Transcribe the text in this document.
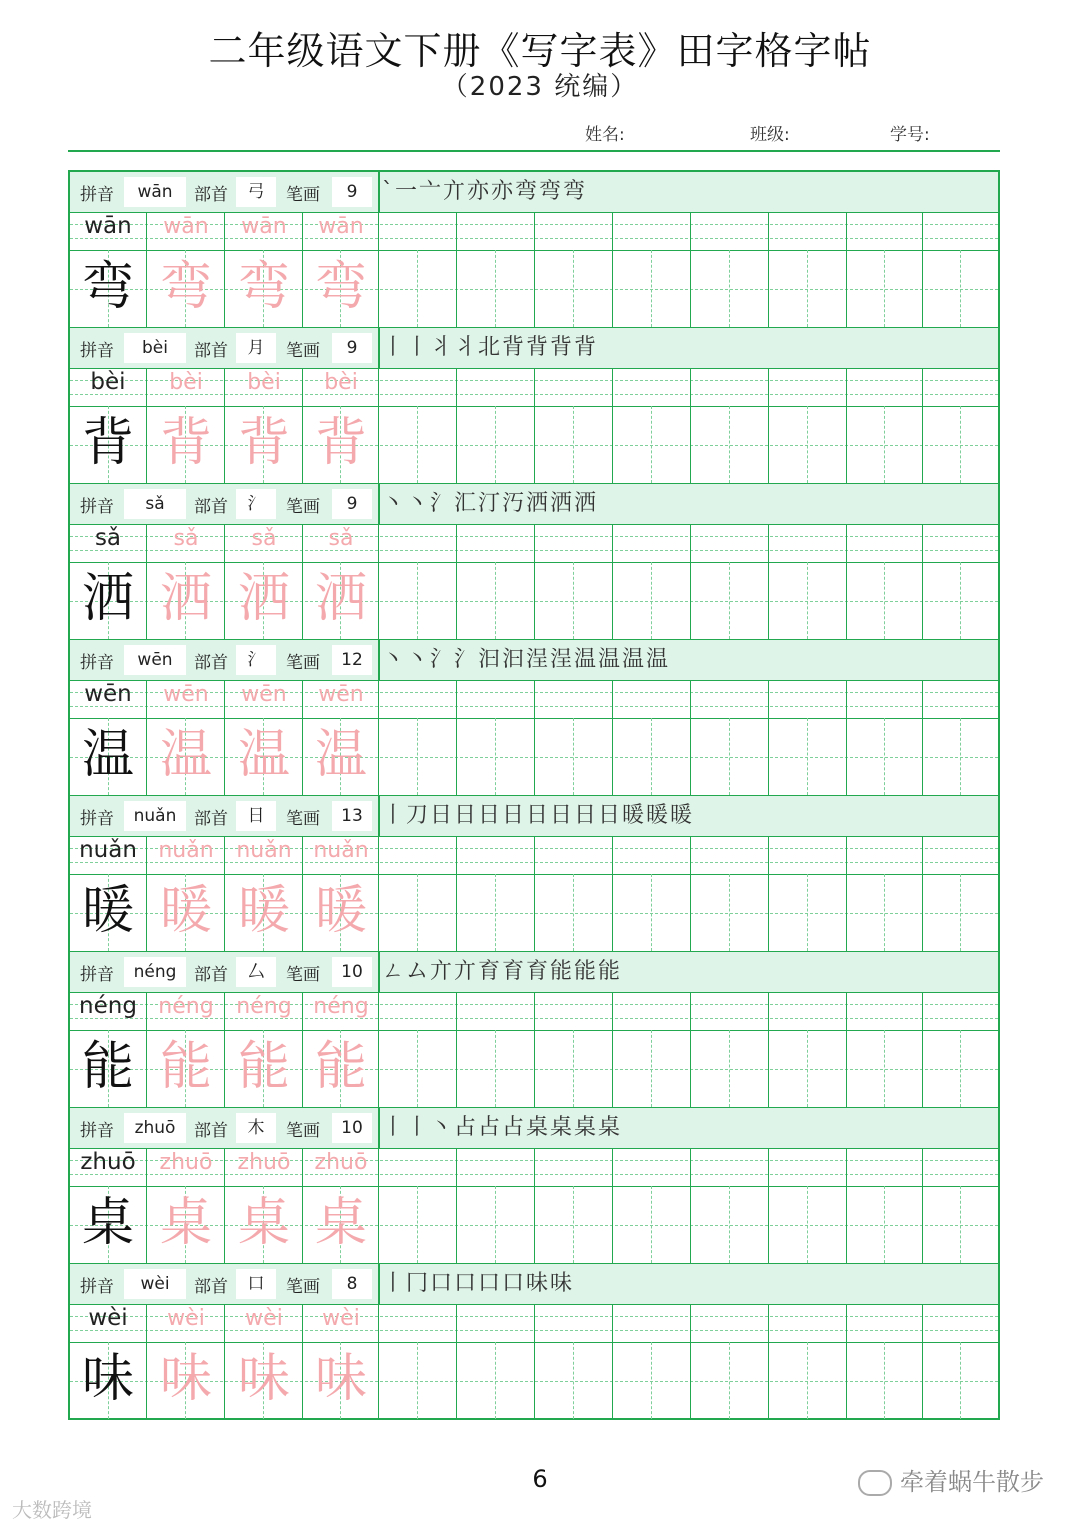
二年级语文下册《写字表》田字格字帖
（2023 统编）
姓名:	班级:	学号:
拼音	wān	部首	弓	笔画	9	`一亠亣亦亦弯弯弯
wān
弯
wān
弯
wān
弯
wān
弯
拼音	bèi	部首	月	笔画	9	丨丨丬丬北背背背背
bèi
背
bèi
背
bèi
背
bèi
背
拼音	sǎ	部首	氵	笔画	9	丶丶氵汇汀汅洒洒洒
sǎ
洒
sǎ
洒
sǎ
洒
sǎ
洒
拼音	wēn	部首	氵	笔画	12 丶丶氵氵汩汩浧浧温温温温
wēn
温
wēn
温
wēn
温
wēn
温
拼音	nuǎn	部首	日	笔画	13 丨刀日日日日日日日日暖暖暖
nuǎn
暖
nuǎn
暖
nuǎn
暖
nuǎn
暖
拼音	néng	部首	厶	笔画	10 ㄥム亣亣育育育能能能
néng
能
néng
能
néng
能
néng
能
拼音	zhuō	部首	木	笔画	10 丨丨丶占占占桌桌桌桌
zhuō
桌
zhuō
桌
zhuō
桌
zhuō
桌
拼音	wèi	部首	口	笔画	8	丨冂口口口口味味
wèi
味
wèi
味
wèi
味
wèi
味
6	牵着蜗牛散步
大数跨境
